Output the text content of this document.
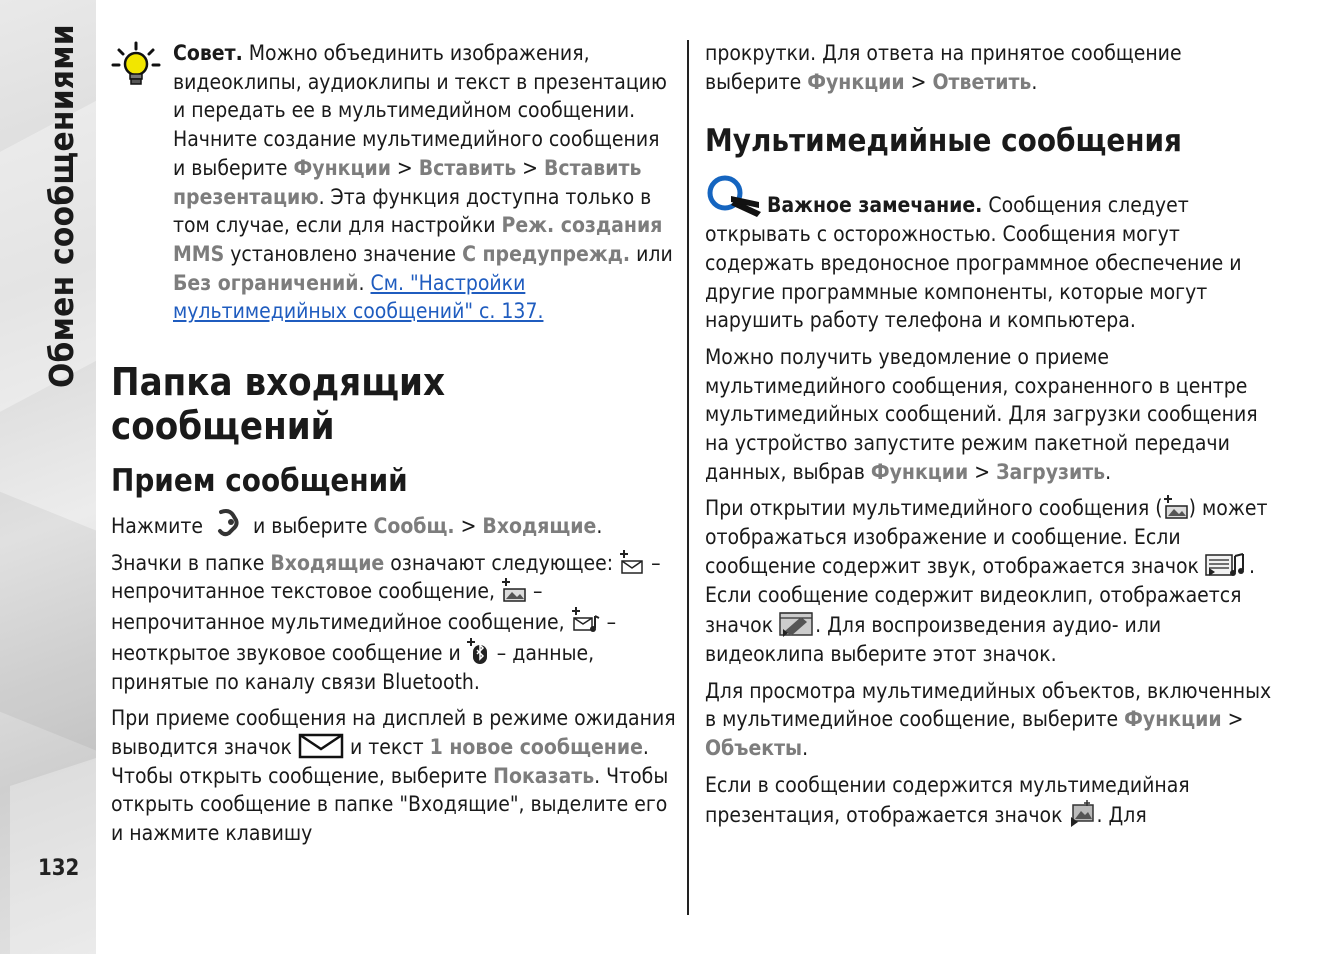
Обмен сообщениями
132

Совет. Можно объединить изображения, видеоклипы, аудиоклипы и текст в презентацию и передать ее в мультимедийном сообщении. Начните создание мультимедийного сообщения и выберите Функции > Вставить > Вставить презентацию. Эта функция доступна только в том случае, если для настройки Реж. создания MMS установлено значение С предупрежд. или Без ограничений. См. "Настройки мультимедийных сообщений" с. 137.

Папка входящих сообщений
Прием сообщений

Нажмите  и выберите Сообщ. > Входящие.

Значки в папке Входящие означают следующее:  – непрочитанное текстовое сообщение,  – непрочитанное мультимедийное сообщение,  – неоткрытое звуковое сообщение и  – данные, принятые по каналу связи Bluetooth.

При приеме сообщения на дисплей в режиме ожидания выводится значок  и текст 1 новое сообщение. Чтобы открыть сообщение, выберите Показать. Чтобы открыть сообщение в папке "Входящие", выделите его и нажмите клавишу

прокрутки. Для ответа на принятое сообщение выберите Функции > Ответить.

Мультимедийные сообщения

Важное замечание. Сообщения следует открывать с осторожностью. Сообщения могут содержать вредоносное программное обеспечение и другие программные компоненты, которые могут нарушить работу телефона и компьютера.

Можно получить уведомление о приеме мультимедийного сообщения, сохраненного в центре мультимедийных сообщений. Для загрузки сообщения на устройство запустите режим пакетной передачи данных, выбрав Функции > Загрузить.

При открытии мультимедийного сообщения ( ) может отображаться изображение и сообщение. Если сообщение содержит звук, отображается значок . Если сообщение содержит видеоклип, отображается значок . Для воспроизведения аудио- или видеоклипа выберите этот значок.

Для просмотра мультимедийных объектов, включенных в мультимедийное сообщение, выберите Функции > Объекты.

Если в сообщении содержится мультимедийная презентация, отображается значок . Для
